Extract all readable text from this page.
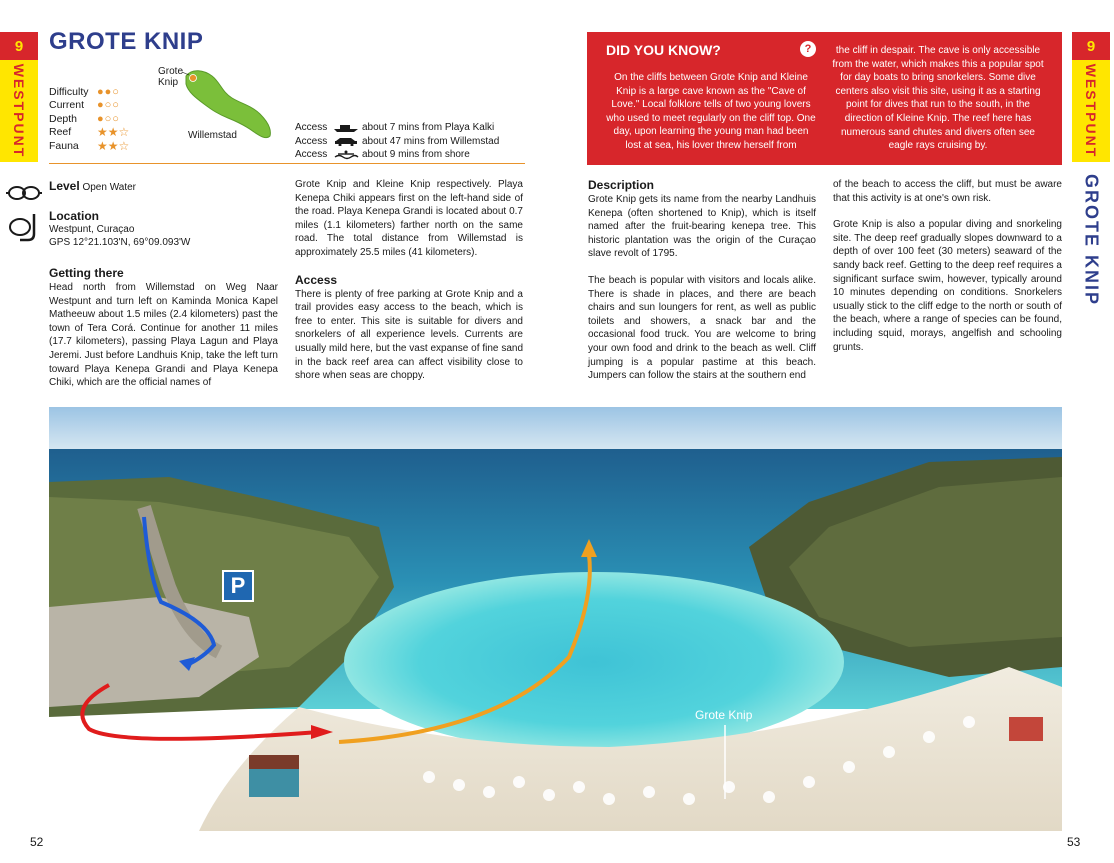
9
WESTPUNT
9
WESTPUNT
GROTE KNIP
GROTE KNIP
Difficulty ●●○
Current	●○○
Depth	●○○
Reef	★★☆
Fauna	★★☆
Grote
Knip
Willemstad
Access	about 7 mins from Playa Kalki
Access	about 47 mins from Willemstad
Access	about 9 mins from shore
Level Open Water
Location
Westpunt, Curaçao
GPS 12°21.103'N, 69°09.093'W
Getting there
Head north from Willemstad on Weg Naar Westpunt and turn left on Kaminda Monica Kapel Matheeuw about 1.5 miles (2.4 kilometers) past the town of Tera Corá. Continue for another 11 miles (17.7 kilometers), passing Playa Lagun and Playa Jeremi. Just before Landhuis Knip, take the left turn toward Playa Kenepa Grandi and Playa Kenepa Chiki, which are the official names of
Grote Knip and Kleine Knip respectively. Playa Kenepa Chiki appears first on the left-hand side of the road. Playa Kenepa Grandi is located about 0.7 miles (1.1 kilometers) farther north on the same road. The total distance from Willemstad is approximately 25.5 miles (41 kilometers).
Access
There is plenty of free parking at Grote Knip and a trail provides easy access to the beach, which is free to enter. This site is suitable for divers and snorkelers of all experience levels. Currents are usually mild here, but the vast expanse of fine sand in the back reef area can affect visibility close to shore when seas are choppy.
DID YOU KNOW?	?
On the cliffs between Grote Knip and Kleine Knip is a large cave known as the "Cave of Love." Local folklore tells of two young lovers who used to meet regularly on the cliff top. One day, upon learning the young man had been lost at sea, his lover threw herself from
the cliff in despair. The cave is only accessible from the water, which makes this a popular spot for day boats to bring snorkelers. Some dive centers also visit this site, using it as a starting point for dives that run to the south, in the direction of Kleine Knip. The reef here has numerous sand chutes and divers often see eagle rays cruising by.
Description
Grote Knip gets its name from the nearby Landhuis Kenepa (often shortened to Knip), which is itself named after the fruit-bearing kenepa tree. This historic plantation was the origin of the Curaçao slave revolt of 1795.
The beach is popular with visitors and locals alike. There is shade in places, and there are beach chairs and sun loungers for rent, as well as public toilets and showers, a snack bar and the occasional food truck. You are welcome to bring your own food and drink to the beach as well. Cliff jumping is a popular pastime at this beach. Jumpers can follow the stairs at the southern end
of the beach to access the cliff, but must be aware that this activity is at one's own risk.
Grote Knip is also a popular diving and snorkeling site. The deep reef gradually slopes downward to a depth of over 100 feet (30 meters) seaward of the sandy back reef. Getting to the deep reef requires a significant surface swim, however, typically around 10 minutes depending on conditions. Snorkelers usually stick to the cliff edge to the north or south of the beach, where a range of species can be found, including squid, morays, angelfish and schooling grunts.
P
Grote Knip
52	53
